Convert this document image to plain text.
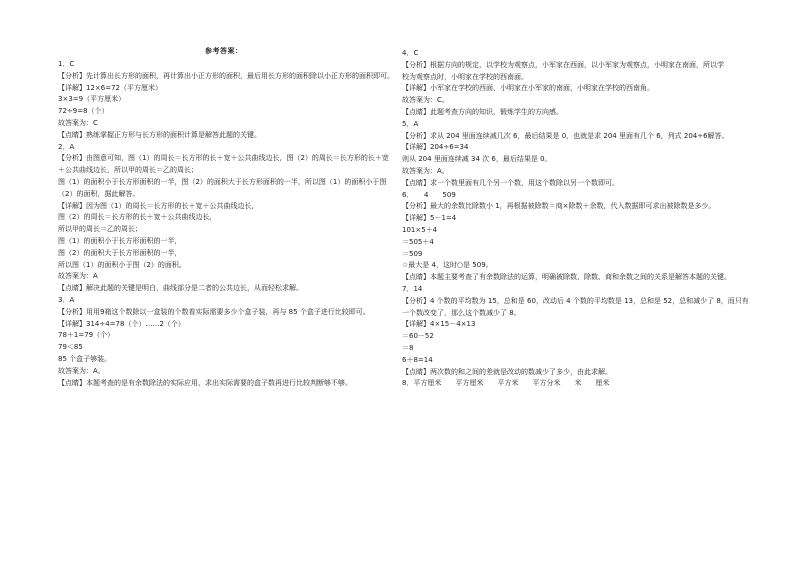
参考答案：
1．C
【分析】先计算出长方形的面积，再计算出小正方形的面积，最后用长方形的面积除以小正方形的面积即可。
【详解】12×6=72（平方厘米）
3×3=9（平方厘米）
72÷9=8（个）
故答案为：C
【点睛】熟练掌握正方形与长方形的面积计算是解答此题的关键。
2．A
【分析】由图意可知，图（1）的周长＝长方形的长＋宽＋公共曲线边长，图（2）的周长＝长方形的长＋宽
＋公共曲线边长，所以甲的周长＝乙的周长；
图（1）的面积小于长方形面积的一半，图（2）的面积大于长方形面积的一半，所以图（1）的面积小于图
（2）的面积，据此解答。
【详解】因为图（1）的周长＝长方形的长＋宽＋公共曲线边长，
图（2）的周长＝长方形的长＋宽＋公共曲线边长，
所以甲的周长＝乙的周长；
图（1）的面积小于长方形面积的一半，
图（2）的面积大于长方形面积的一半，
所以图（1）的面积小于图（2）的面积。
故答案为：A
【点睛】解决此题的关键是明白，曲线部分是二者的公共边长，从而轻松求解。
3．A
【分析】用用9箱这个数除以一盒装的个数看实际需要多少个盒子装，再与 85 个盒子进行比较即可。
【详解】314÷4=78（个）……2（个）
78＋1=79（个）
79＜85
85 个盒子够装。
故答案为：A。
【点睛】本题考查的是有余数除法的实际应用，求出实际需要的盒子数再进行比较判断够不够。
4．C
【分析】根据方向的规定，以学校为观察点，小军家在西面，以小军家为观察点，小明家在南面，所以学
校为观察点时，小明家在学校的西南面。
【详解】小军家在学校的西面，小明家在小军家的南面，小明家在学校的西南角。
故答案为：C。
【点睛】此题考查方向的知识，锻炼学生的方向感。
5．A
【分析】求从 204 里面连续减几次 6，最后结果是 0，也就是求 204 里面有几个 6，列式 204÷6解答。
【详解】204÷6=34
则从 204 里面连续减 34 次 6，最后结果是 0。
故答案为：A。
【点睛】求一个数里面有几个另一个数，用这个数除以另一个数即可。
6．　　4　　509
【分析】最大的余数比除数小 1，再根据被除数＝商×除数＋余数，代入数据即可求出被除数是多少。
【详解】5－1=4
101×5＋4
＝505＋4
＝509
☆最大是 4，这时○是 509。
【点睛】本题主要考查了有余数除法的运算，明确被除数、除数、商和余数之间的关系是解答本题的关键。
7．14
【分析】4 个数的平均数为 15，总和是 60，改动后 4 个数的平均数是 13，总和是 52，总和减少了 8，而只有
一个数改变了，那么这个数减少了 8。
【详解】4×15－4×13
＝60－52
＝8
6＋8=14
【点睛】两次数的和之间的差就是改动的数减少了多少，由此求解。
8．平方厘米　　平方厘米　　平方米　　平方分米　　米　　厘米
